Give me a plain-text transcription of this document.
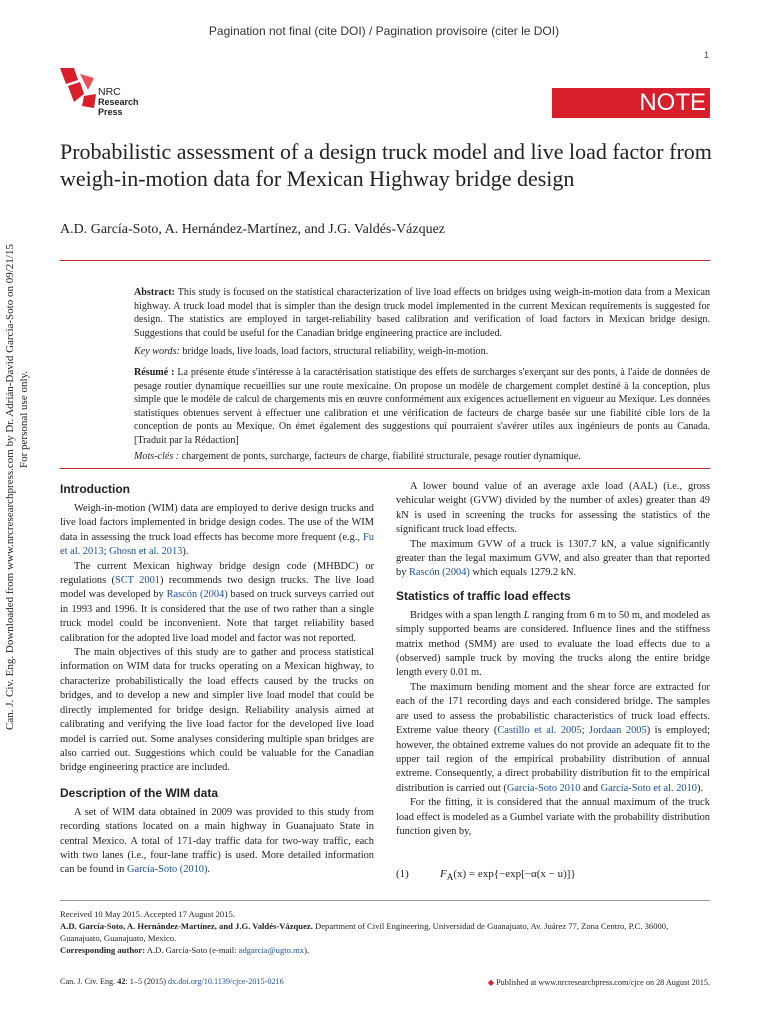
Pagination not final (cite DOI) / Pagination provisoire (citer le DOI)
1
NRC
Research Press	NOTE
Can. J. Civ. Eng. Downloaded from www.nrcresearchpress.com by Dr. Adrián-David García-Soto on 09/21/15 For personal use only.
Probabilistic assessment of a design truck model and live load factor from weigh-in-motion data for Mexican Highway bridge design
A.D. García-Soto, A. Hernández-Martínez, and J.G. Valdés-Vázquez

Abstract: This study is focused on the statistical characterization of live load effects on bridges using weigh-in-motion data from a Mexican highway. A truck load model that is simpler than the design truck model implemented in the current Mexican requirements is suggested for design. The statistics are employed in target-reliability based calibration and verification of load factors in Mexican bridge design. Suggestions that could be useful for the Canadian bridge engineering practice are included.

Key words: bridge loads, live loads, load factors, structural reliability, weigh-in-motion.

Résumé : La présente étude s'intéresse à la caractérisation statistique des effets de surcharges s'exerçant sur des ponts, à l'aide de données de pesage routier dynamique recueillies sur une route mexicaine. On propose un modèle de chargement complet destiné à la conception, plus simple que le modèle de calcul de chargements mis en œuvre conformément aux exigences actuellement en vigueur au Mexique. Les données statistiques obtenues servent à effectuer une calibration et une vérification de facteurs de charge basée sur une fiabilité cible lors de la conception de ponts au Mexique. On émet également des suggestions qui pourraient s'avérer utiles aux ingénieurs de ponts au Canada. [Traduit par la Rédaction]

Mots-clés : chargement de ponts, surcharge, facteurs de charge, fiabilité structurale, pesage routier dynamique.

Introduction

Weigh-in-motion (WIM) data are employed to derive design trucks and live load factors implemented in bridge design codes. The use of the WIM data in assessing the truck load effects has become more frequent (e.g., Fu et al. 2013; Ghosn et al. 2013).

The current Mexican highway bridge design code (MHBDC) or regulations (SCT 2001) recommends two design trucks. The live load model was developed by Rascón (2004) based on truck surveys carried out in 1993 and 1996. It is considered that the use of two rather than a single truck model could be inconvenient. Note that target reliability based calibration for the adopted live load model and factor was not reported.

The main objectives of this study are to gather and process statistical information on WIM data for trucks operating on a Mexican highway, to characterize probabilistically the load effects caused by the trucks on bridges, and to develop a new and simpler live load model that could be directly implemented for bridge design. Reliability analysis aimed at calibrating and verifying the live load factor for the developed live load model is carried out. Some analyses considering multiple span bridges are also carried out. Suggestions which could be valuable for the Canadian bridge engineering practice are included.

Description of the WIM data

A set of WIM data obtained in 2009 was provided to this study from recording stations located on a main highway in Guanajuato State in central Mexico. A total of 171-day traffic data for two-way traffic, each with two lanes (i.e., four-lane traffic) is used. More detailed information can be found in García-Soto (2010).

A lower bound value of an average axle load (AAL) (i.e., gross vehicular weight (GVW) divided by the number of axles) greater than 49 kN is used in screening the trucks for assessing the statistics of the significant truck load effects.

The maximum GVW of a truck is 1307.7 kN, a value significantly greater than the legal maximum GVW, and also greater than that reported by Rascón (2004) which equals 1279.2 kN.

Statistics of traffic load effects

Bridges with a span length L ranging from 6 m to 50 m, and modeled as simply supported beams are considered. Influence lines and the stiffness matrix method (SMM) are used to evaluate the load effects due to a (observed) sample truck by moving the trucks along the entire bridge length every 0.01 m.

The maximum bending moment and the shear force are extracted for each of the 171 recording days and each considered bridge. The samples are used to assess the probabilistic characteristics of truck load effects. Extreme value theory (Castillo et al. 2005; Jordaan 2005) is employed; however, the obtained extreme values do not provide an adequate fit to the upper tail region of the empirical probability distribution of annual extreme. Consequently, a direct probability distribution fit to the empirical distribution is carried out (García-Soto 2010 and García-Soto et al. 2010).

For the fitting, it is considered that the annual maximum of the truck load effect is modeled as a Gumbel variate with the probability distribution function given by,

(1)	$F_A(x) = \exp\{-\exp[-\alpha(x - u)]\}$

Received 10 May 2015. Accepted 17 August 2015.

A.D. García-Soto, A. Hernández-Martínez, and J.G. Valdés-Vázquez. Department of Civil Engineering, Universidad de Guanajuato, Av. Juárez 77, Zona Centro, P.C. 36000, Guanajuato, Guanajuato, Mexico.

Corresponding author: A.D. García-Soto (e-mail: adgarcia@ugto.mx).

Can. J. Civ. Eng. 42: 1–5 (2015) dx.doi.org/10.1139/cjce-2015-0216	◆ Published at www.nrcresearchpress.com/cjce on 28 August 2015.
